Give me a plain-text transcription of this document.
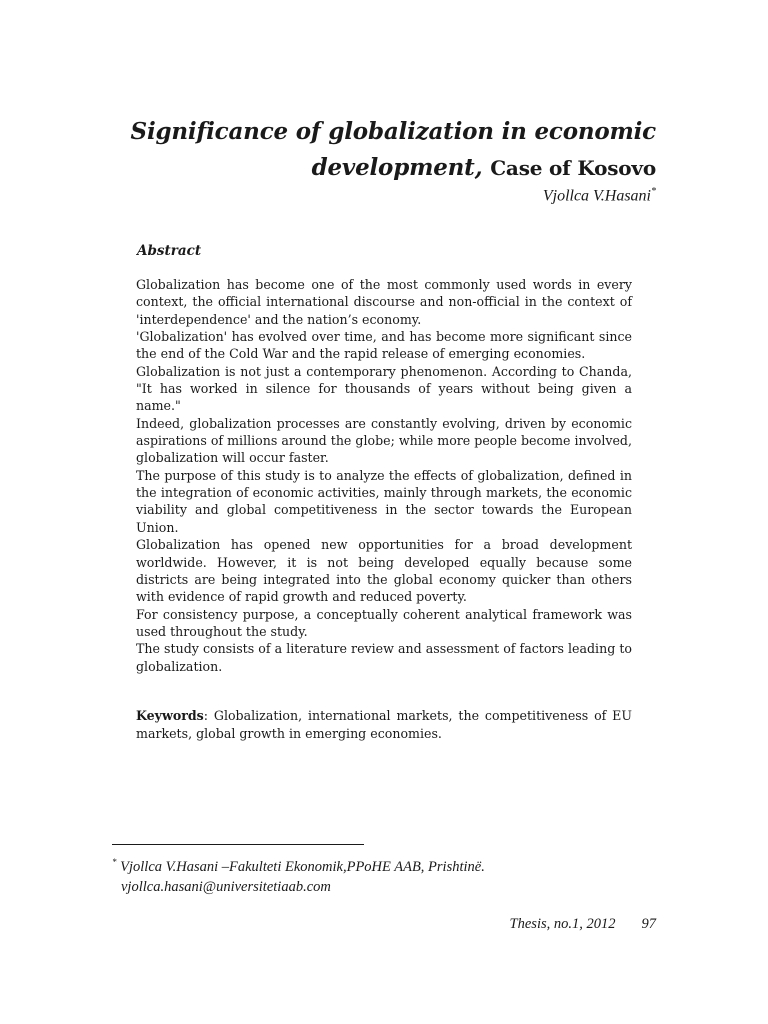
Significance of globalization in economic
development, Case of Kosovo
Vjollca V.Hasani*
Abstract

Globalization has become one of the most commonly used words in every context, the official international discourse and non-official in the context of 'interdependence' and the nation’s economy.

'Globalization' has evolved over time, and has become more significant since the end of the Cold War and the rapid release of emerging economies.

Globalization is not just a contemporary phenomenon. According to Chanda, "It has worked in silence for thousands of years without being given a name."

Indeed, globalization processes are constantly evolving, driven by economic aspirations of millions around the globe; while more people become involved, globalization will occur faster.

The purpose of this study is to analyze the effects of globalization, defined in the integration of economic activities, mainly through markets, the economic viability and global competitiveness in the sector towards the European Union.

Globalization has opened new opportunities for a broad development worldwide. However, it is not being developed equally because some districts are being integrated into the global economy quicker than others with evidence of rapid growth and reduced poverty.

For consistency purpose, a conceptually coherent analytical framework was used throughout the study.

The study consists of a literature review and assessment of factors leading to globalization.

Keywords: Globalization, international markets, the competitiveness of EU markets, global growth in emerging economies.

* Vjollca V.Hasani –Fakulteti Ekonomik,PPoHE AAB, Prishtinë.
vjollca.hasani@universitetiaab.com
Thesis, no.1, 2012 97
